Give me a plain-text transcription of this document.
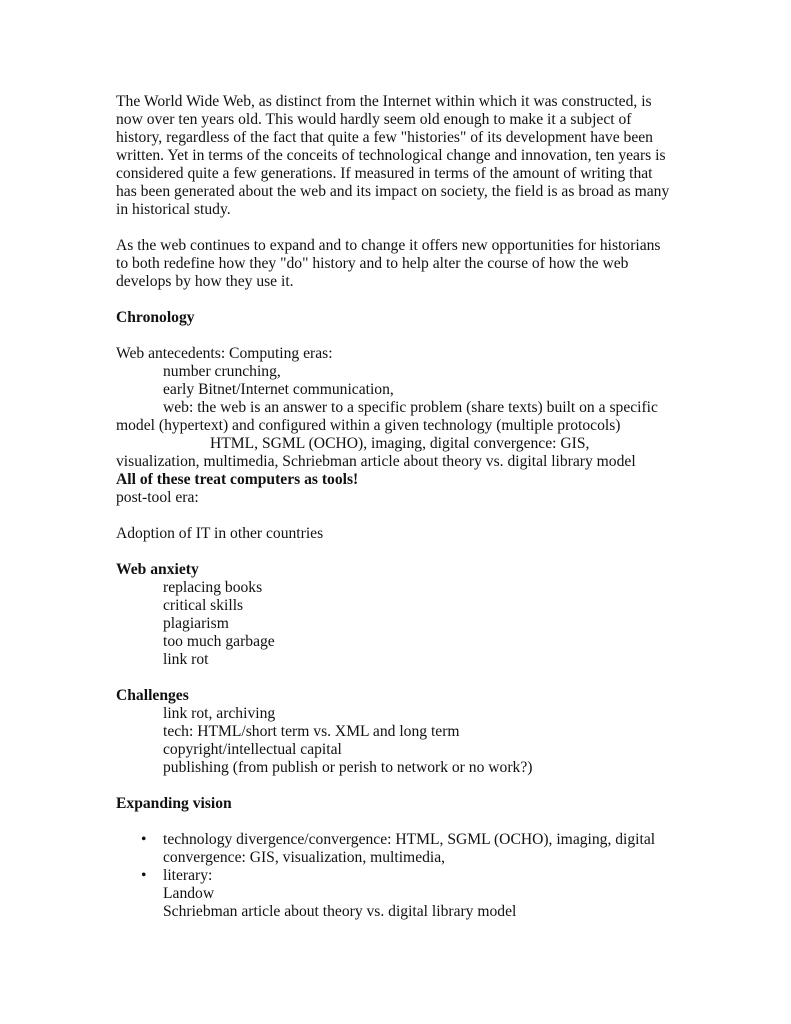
The World Wide Web, as distinct from the Internet within which it was constructed, is now over ten years old. This would hardly seem old enough to make it a subject of history, regardless of the fact that quite a few "histories" of its development have been written. Yet in terms of the conceits of technological change and innovation, ten years is considered quite a few generations. If measured in terms of the amount of writing that has been generated about the web and its impact on society, the field is as broad as many in historical study.

As the web continues to expand and to change it offers new opportunities for historians to both redefine how they "do" history and to help alter the course of how the web develops by how they use it.

Chronology

Web antecedents: Computing eras:

number crunching,

early Bitnet/Internet communication,

web: the web is an answer to a specific problem (share texts) built on a specific model (hypertext) and configured within a given technology (multiple protocols)

HTML, SGML (OCHO), imaging, digital convergence: GIS, visualization, multimedia, Schriebman article about theory vs. digital library model

All of these treat computers as tools!

post-tool era:

Adoption of IT in other countries

Web anxiety

replacing books

critical skills

plagiarism

too much garbage

link rot

Challenges

link rot, archiving

tech: HTML/short term vs. XML and long term

copyright/intellectual capital

publishing (from publish or perish to network or no work?)

Expanding vision

• technology divergence/convergence: HTML, SGML (OCHO), imaging, digital convergence: GIS, visualization, multimedia,
• literary:
Landow
Schriebman article about theory vs. digital library model
